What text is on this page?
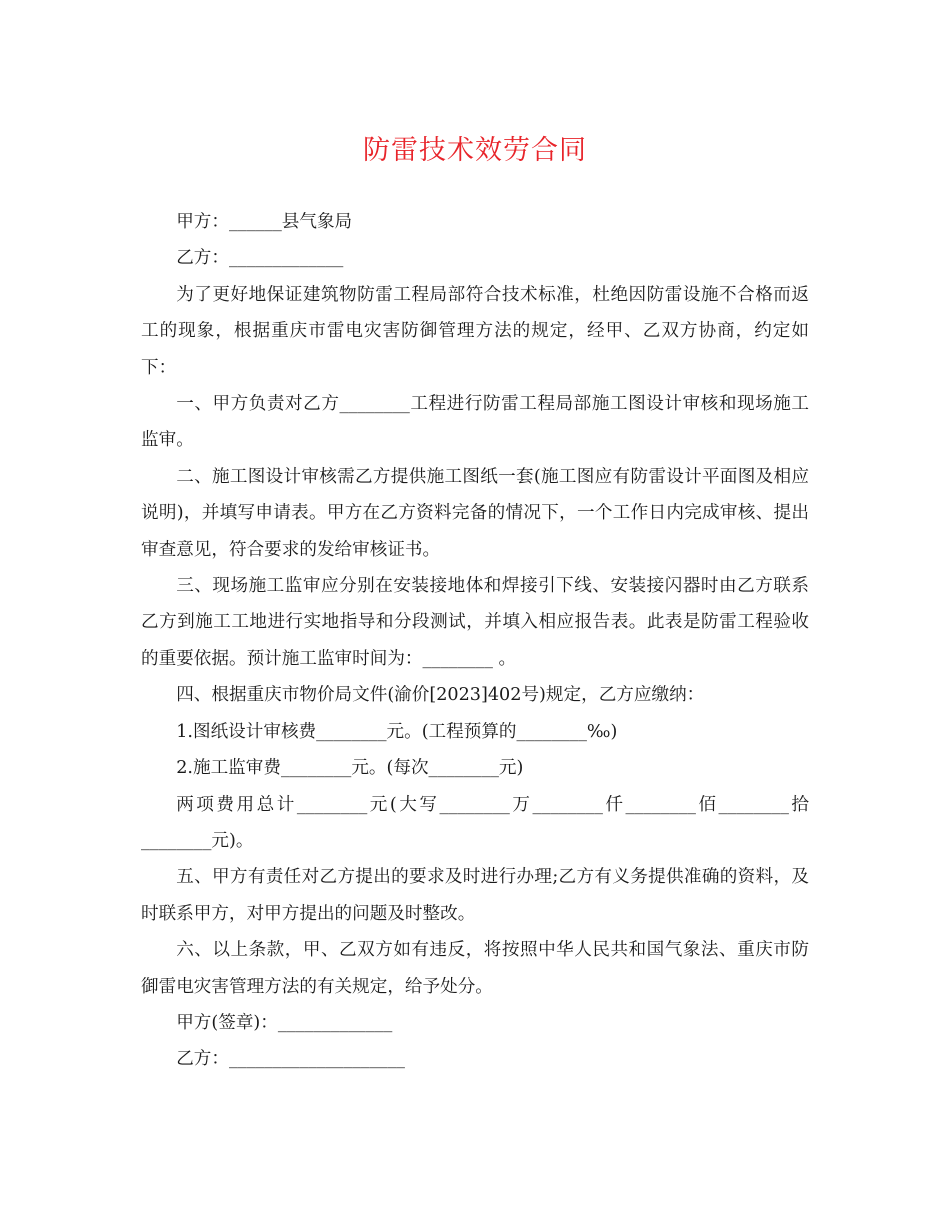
防雷技术效劳合同

甲方：______县气象局

乙方：_____________

为了更好地保证建筑物防雷工程局部符合技术标准，杜绝因防雷设施不合格而返工的现象，根据重庆市雷电灾害防御管理方法的规定，经甲、乙双方协商，约定如下：

一、甲方负责对乙方________工程进行防雷工程局部施工图设计审核和现场施工监审。

二、施工图设计审核需乙方提供施工图纸一套(施工图应有防雷设计平面图及相应说明)，并填写申请表。甲方在乙方资料完备的情况下，一个工作日内完成审核、提出审查意见，符合要求的发给审核证书。

三、现场施工监审应分别在安装接地体和焊接引下线、安装接闪器时由乙方联系乙方到施工工地进行实地指导和分段测试，并填入相应报告表。此表是防雷工程验收的重要依据。预计施工监审时间为：________ 。

四、根据重庆市物价局文件(渝价[2023]402号)规定，乙方应缴纳：

1.图纸设计审核费________元。(工程预算的________‰)

2.施工监审费________元。(每次________元)

两项费用总计________元(大写________万________仟________佰________拾________元)。

五、甲方有责任对乙方提出的要求及时进行办理;乙方有义务提供准确的资料，及时联系甲方，对甲方提出的问题及时整改。

六、以上条款，甲、乙双方如有违反，将按照中华人民共和国气象法、重庆市防御雷电灾害管理方法的有关规定，给予处分。

甲方(签章)：_____________

乙方：____________________
